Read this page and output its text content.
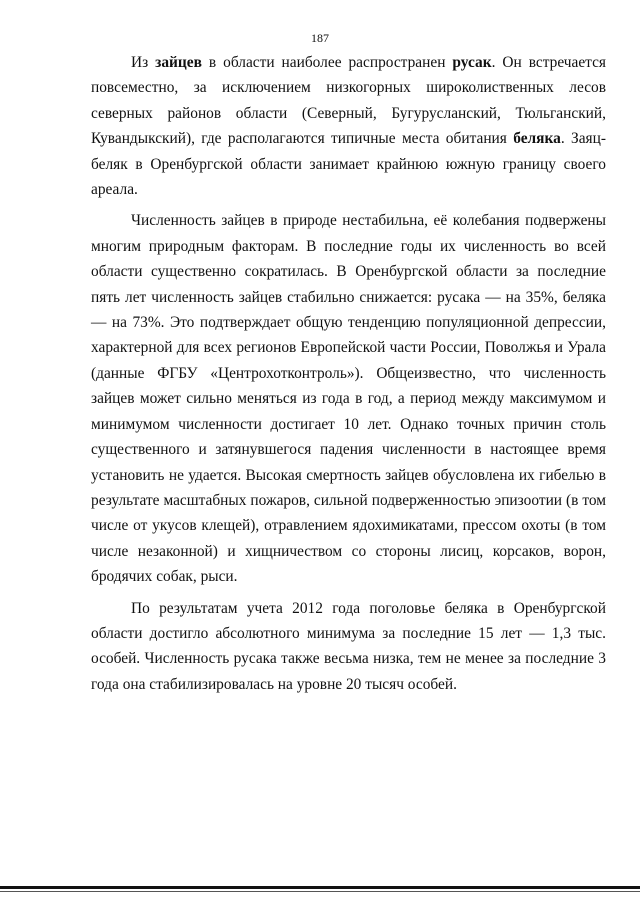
187

Из зайцев в области наиболее распространен русак. Он встречается повсеместно, за исключением низкогорных широколиственных лесов северных районов области (Северный, Бугурусланский, Тюльганский, Кувандыкский), где располагаются типичные места обитания беляка. Заяц-беляк в Оренбургской области занимает крайнюю южную границу своего ареала.

Численность зайцев в природе нестабильна, её колебания подвержены многим природным факторам. В последние годы их численность во всей области существенно сократилась. В Оренбургской области за последние пять лет численность зайцев стабильно снижается: русака — на 35%, беляка — на 73%. Это подтверждает общую тенденцию популяционной депрессии, характерной для всех регионов Европейской части России, Поволжья и Урала (данные ФГБУ «Центрохотконтроль»). Общеизвестно, что численность зайцев может сильно меняться из года в год, а период между максимумом и минимумом численности достигает 10 лет. Однако точных причин столь существенного и затянувшегося падения численности в настоящее время установить не удается. Высокая смертность зайцев обусловлена их гибелью в результате масштабных пожаров, сильной подверженностью эпизоотии (в том числе от укусов клещей), отравлением ядохимикатами, прессом охоты (в том числе незаконной) и хищничеством со стороны лисиц, корсаков, ворон, бродячих собак, рыси.

По результатам учета 2012 года поголовье беляка в Оренбургской области достигло абсолютного минимума за последние 15 лет — 1,3 тыс. особей. Численность русака также весьма низка, тем не менее за последние 3 года она стабилизировалась на уровне 20 тысяч особей.
